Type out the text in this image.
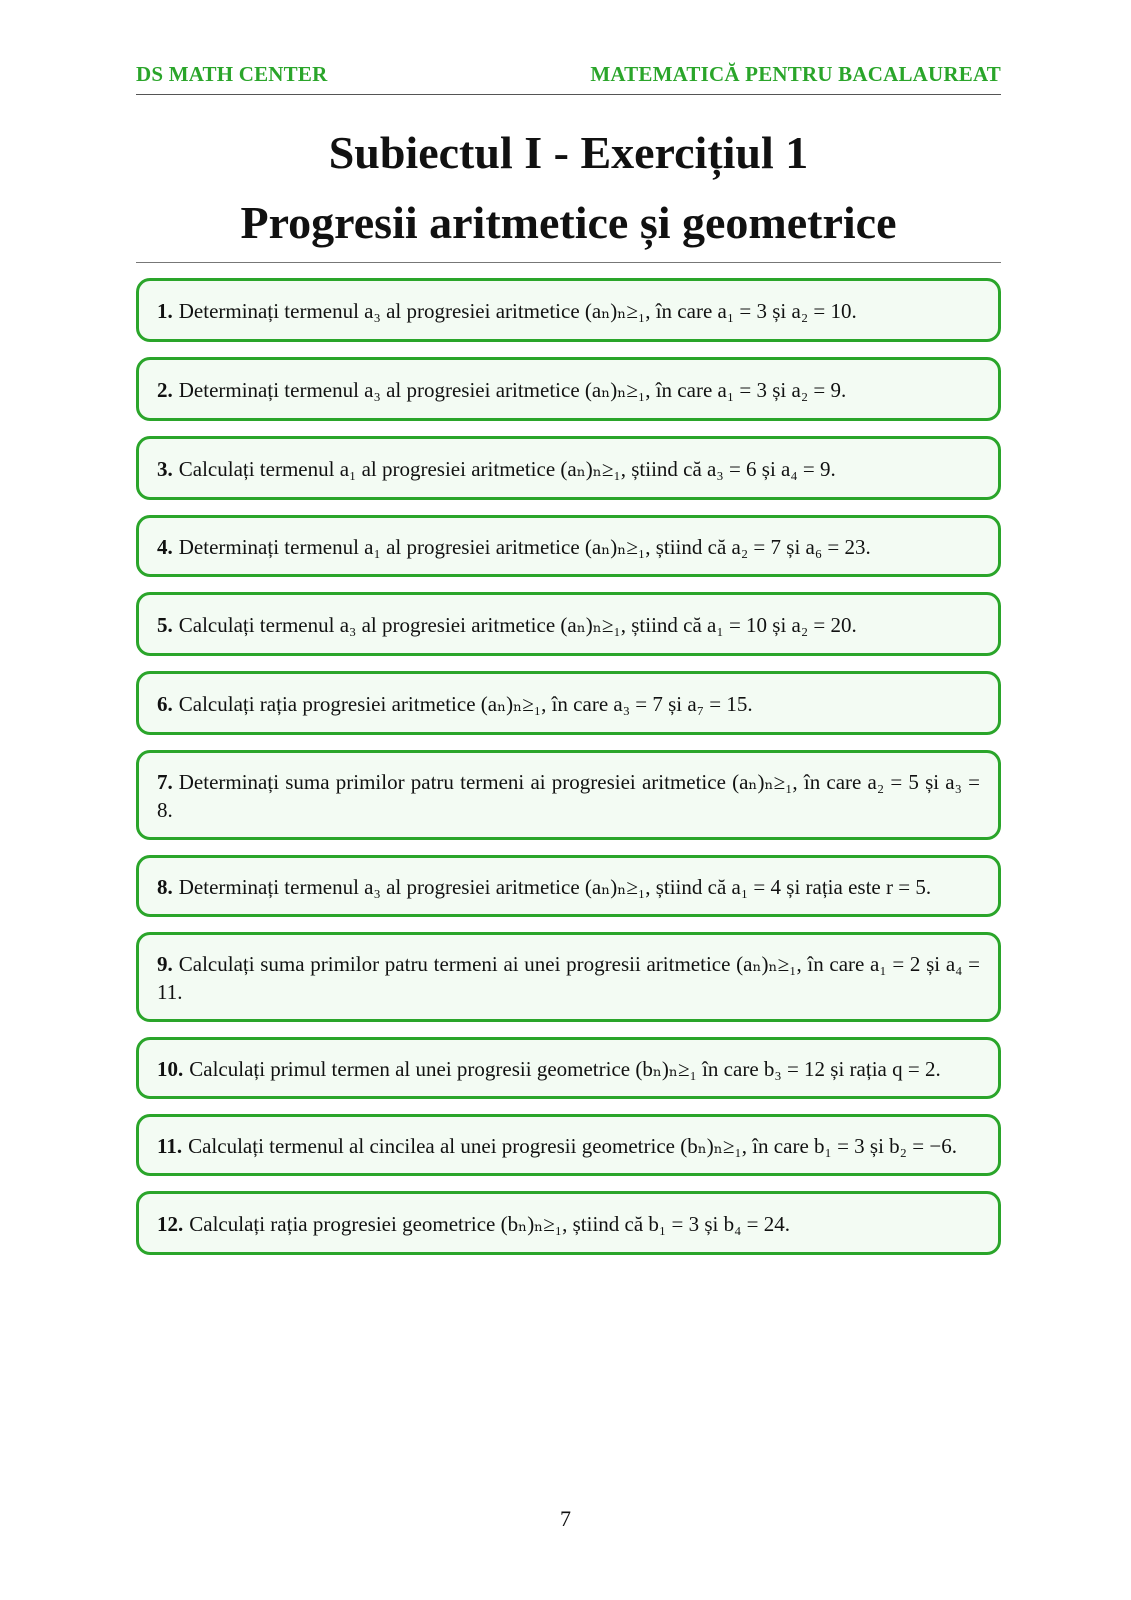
DS MATH CENTER	MATEMATICĂ PENTRU BACALAUREAT
Subiectul I - Exercițiul 1
Progresii aritmetice și geometrice
1. Determinați termenul a₃ al progresiei aritmetice (aₙ)ₙ≥₁, în care a₁ = 3 și a₂ = 10.
2. Determinați termenul a₃ al progresiei aritmetice (aₙ)ₙ≥₁, în care a₁ = 3 și a₂ = 9.
3. Calculați termenul a₁ al progresiei aritmetice (aₙ)ₙ≥₁, știind că a₃ = 6 și a₄ = 9.
4. Determinați termenul a₁ al progresiei aritmetice (aₙ)ₙ≥₁, știind că a₂ = 7 și a₆ = 23.
5. Calculați termenul a₃ al progresiei aritmetice (aₙ)ₙ≥₁, știind că a₁ = 10 și a₂ = 20.
6. Calculați rația progresiei aritmetice (aₙ)ₙ≥₁, în care a₃ = 7 și a₇ = 15.
7. Determinați suma primilor patru termeni ai progresiei aritmetice (aₙ)ₙ≥₁, în care a₂ = 5 și a₃ = 8.
8. Determinați termenul a₃ al progresiei aritmetice (aₙ)ₙ≥₁, știind că a₁ = 4 și rația este r = 5.
9. Calculați suma primilor patru termeni ai unei progresii aritmetice (aₙ)ₙ≥₁, în care a₁ = 2 și a₄ = 11.
10. Calculați primul termen al unei progresii geometrice (bₙ)ₙ≥₁ în care b₃ = 12 și rația q = 2.
11. Calculați termenul al cincilea al unei progresii geometrice (bₙ)ₙ≥₁, în care b₁ = 3 și b₂ = −6.
12. Calculați rația progresiei geometrice (bₙ)ₙ≥₁, știind că b₁ = 3 și b₄ = 24.
7
